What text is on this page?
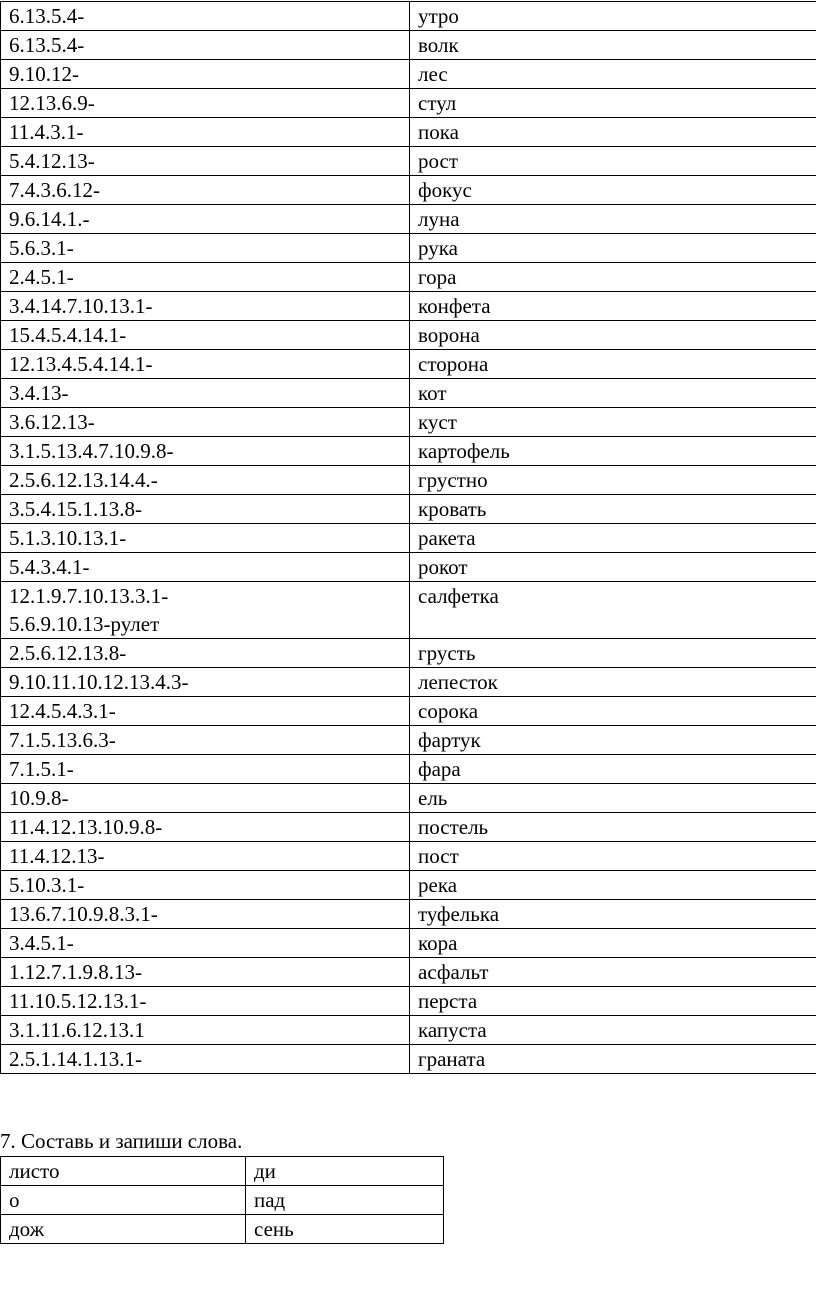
6.13.5.4-	утро

6.13.5.4-	волк

9.10.12-	лес

12.13.6.9-	стул

11.4.3.1-	пока

5.4.12.13-	рост

7.4.3.6.12-	фокус

9.6.14.1.-	луна

5.6.3.1-	рука

2.4.5.1-	гора

3.4.14.7.10.13.1-	конфета

15.4.5.4.14.1-	ворона

12.13.4.5.4.14.1-	сторона

3.4.13-	кот

3.6.12.13-	куст

3.1.5.13.4.7.10.9.8-	картофель

2.5.6.12.13.14.4.-	грустно

3.5.4.15.1.13.8-	кровать

5.1.3.10.13.1-	ракета

5.4.3.4.1-	рокот

12.1.9.7.10.13.3.1-
5.6.9.10.13-рулет	салфетка

2.5.6.12.13.8-	грусть

9.10.11.10.12.13.4.3-	лепесток

12.4.5.4.3.1-	сорока

7.1.5.13.6.3-	фартук

7.1.5.1-	фара

10.9.8-	ель

11.4.12.13.10.9.8-	постель

11.4.12.13-	пост

5.10.3.1-	река

13.6.7.10.9.8.3.1-	туфелька

3.4.5.1-	кора

1.12.7.1.9.8.13-	асфальт

11.10.5.12.13.1-	перста

3.1.11.6.12.13.1	капуста

2.5.1.14.1.13.1-	граната
7. Составь и запиши слова.
листо	ди
о	пад
дож	сень
